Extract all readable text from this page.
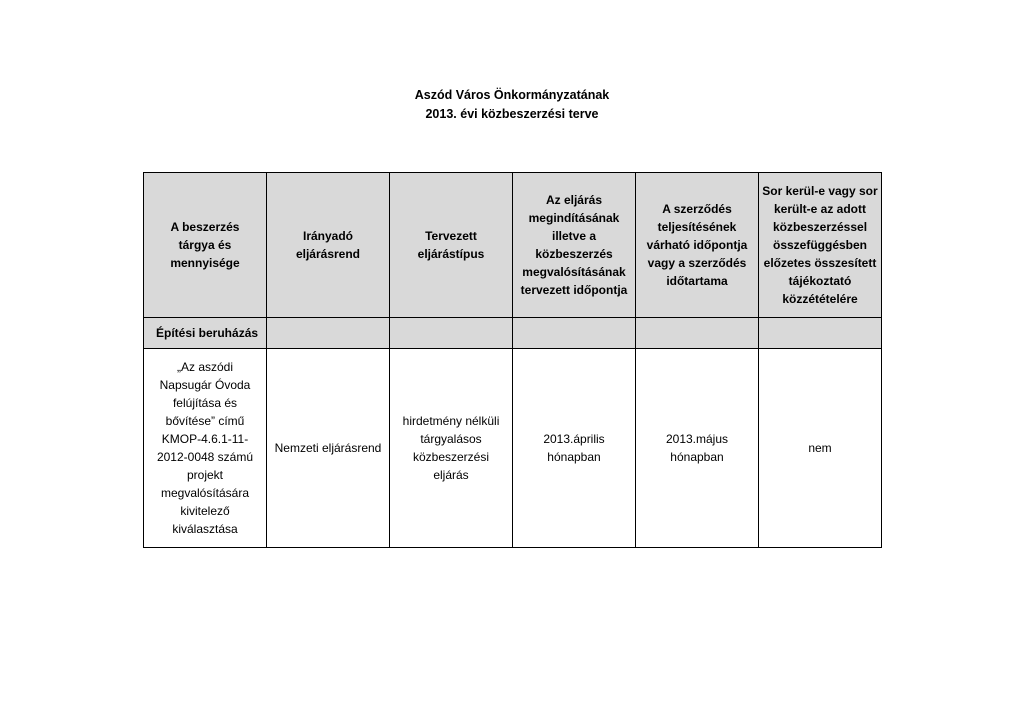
Aszód Város Önkormányzatának
2013. évi közbeszerzési terve
A beszerzés tárgya és mennyisége	Irányadó eljárásrend	Tervezett eljárástípus	Az eljárás megindításának illetve a közbeszerzés megvalósításának tervezett időpontja	A szerződés teljesítésének várható időpontja vagy a szerződés időtartama	Sor kerül-e vagy sor került-e az adott közbeszerzéssel összefüggésben előzetes összesített tájékoztató közzétételére

Építési beruházás					

„Az aszódi Napsugár Óvoda felújítása és bővítése” című KMOP-4.6.1-11-2012-0048 számú projekt megvalósítására kivitelező kiválasztása	Nemzeti eljárásrend	hirdetmény nélküli tárgyalásos közbeszerzési eljárás	2013.április hónapban	2013.május hónapban	nem
